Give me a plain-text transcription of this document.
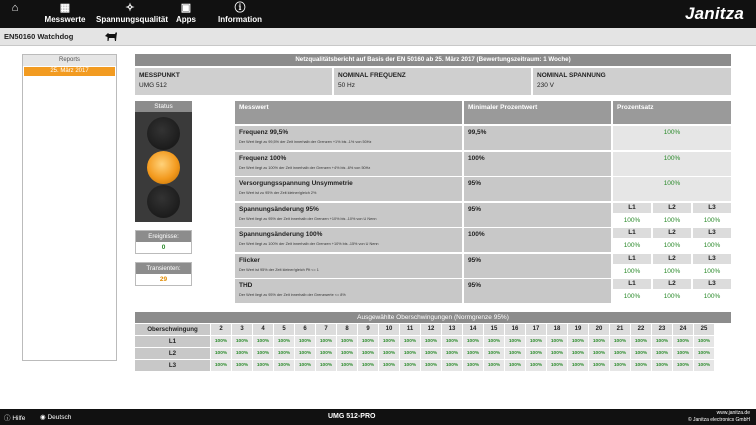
⌂	▦
Messwerte
✧
Spannungsqualität
▣
Apps
ⓘ
Information	Janitza
EN50160 Watchdog
Reports
25. März 2017
Netzqualitätsbericht auf Basis der EN 50160 ab 25. März 2017 (Bewertungszeitraum: 1 Woche)
MESSPUNKT
UMG 512
NOMINAL FREQUENZ
50 Hz
NOMINAL SPANNUNG
230 V
Status
Ereignisse:
0
Transienten:
29
Messwert	Minimaler Prozentwert	Prozentsatz
Frequenz 99,5%
Der Wert liegt zu 99,5% der Zeit innerhalb der Grenzen +1% bis -1% von 50Hz
99,5%	100%
Frequenz 100%
Der Wert liegt zu 100% der Zeit innerhalb der Grenzen +4% bis -6% von 50Hz
100%	100%
Versorgungsspannung Unsymmetrie
Der Wert ist zu 95% der Zeit kleiner/gleich 2%
95%	100%
Spannungsänderung 95%
Der Wert liegt zu 95% der Zeit innerhalb der Grenzen +10% bis -10% von U Nenn
95%	L1
100%
L2
100%
L3
100%
Spannungsänderung 100%
Der Wert liegt zu 100% der Zeit innerhalb der Grenzen +10% bis -15% von U Nenn
100%	L1
100%
L2
100%
L3
100%
Flicker
Der Wert ist 95% der Zeit kleiner/gleich Plt <= 1
95%	L1
100%
L2
100%
L3
100%
THD
Der Wert liegt zu 95% der Zeit innerhalb der Grenzwerte <= 8%
95%	L1
100%
L2
100%
L3
100%
Ausgewählte Oberschwingungen (Normgrenze 95%)
Oberschwingung	2	3	4	5	6	7	8	9	10	11	12	13	14	15	16	17	18	19	20	21	22	23	24	25
L1	100%	100%	100%	100%	100%	100%	100%	100%	100%	100%	100%	100%	100%	100%	100%	100%	100%	100%	100%	100%	100%	100%	100%	100%
L2	100%	100%	100%	100%	100%	100%	100%	100%	100%	100%	100%	100%	100%	100%	100%	100%	100%	100%	100%	100%	100%	100%	100%	100%
L3	100%	100%	100%	100%	100%	100%	100%	100%	100%	100%	100%	100%	100%	100%	100%	100%	100%	100%	100%	100%	100%	100%	100%	100%
ⓘ Hilfe ◉ Deutsch	UMG 512-PRO	www.janitza.de
© Janitza electronics GmbH
